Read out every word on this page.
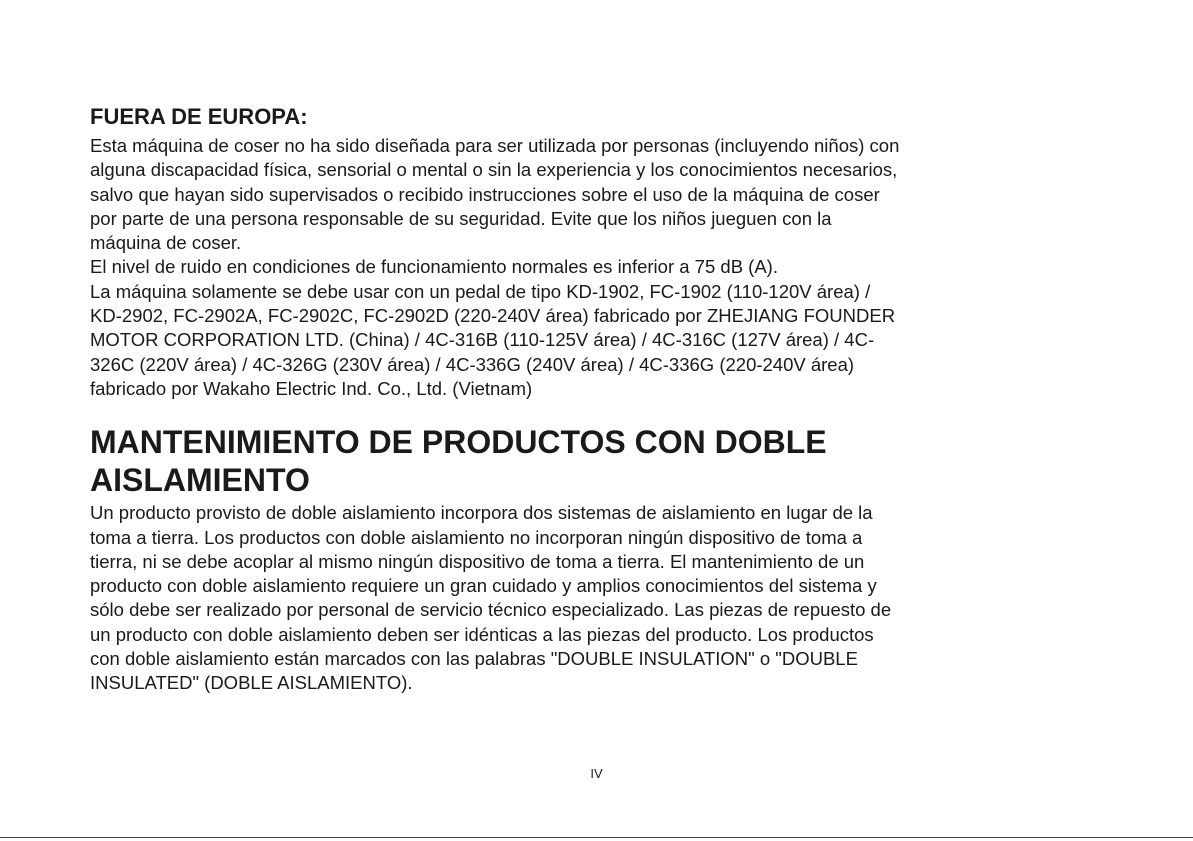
FUERA DE EUROPA:
Esta máquina de coser no ha sido diseñada para ser utilizada por personas (incluyendo niños) con
alguna discapacidad física, sensorial o mental o sin la experiencia y los conocimientos necesarios,
salvo que hayan sido supervisados o recibido instrucciones sobre el uso de la máquina de coser
por parte de una persona responsable de su seguridad. Evite que los niños jueguen con la
máquina de coser.
El nivel de ruido en condiciones de funcionamiento normales es inferior a 75 dB (A).
La máquina solamente se debe usar con un pedal de tipo KD-1902, FC-1902 (110-120V área) /
KD-2902, FC-2902A, FC-2902C, FC-2902D (220-240V área) fabricado por ZHEJIANG FOUNDER
MOTOR CORPORATION LTD. (China) / 4C-316B (110-125V área) / 4C-316C (127V área) / 4C-
326C (220V área) / 4C-326G (230V área) / 4C-336G (240V área) / 4C-336G (220-240V área)
fabricado por Wakaho Electric Ind. Co., Ltd. (Vietnam)
MANTENIMIENTO DE PRODUCTOS CON DOBLE
AISLAMIENTO
Un producto provisto de doble aislamiento incorpora dos sistemas de aislamiento en lugar de la
toma a tierra. Los productos con doble aislamiento no incorporan ningún dispositivo de toma a
tierra, ni se debe acoplar al mismo ningún dispositivo de toma a tierra. El mantenimiento de un
producto con doble aislamiento requiere un gran cuidado y amplios conocimientos del sistema y
sólo debe ser realizado por personal de servicio técnico especializado. Las piezas de repuesto de
un producto con doble aislamiento deben ser idénticas a las piezas del producto. Los productos
con doble aislamiento están marcados con las palabras "DOUBLE INSULATION" o "DOUBLE
INSULATED" (DOBLE AISLAMIENTO).
IV
